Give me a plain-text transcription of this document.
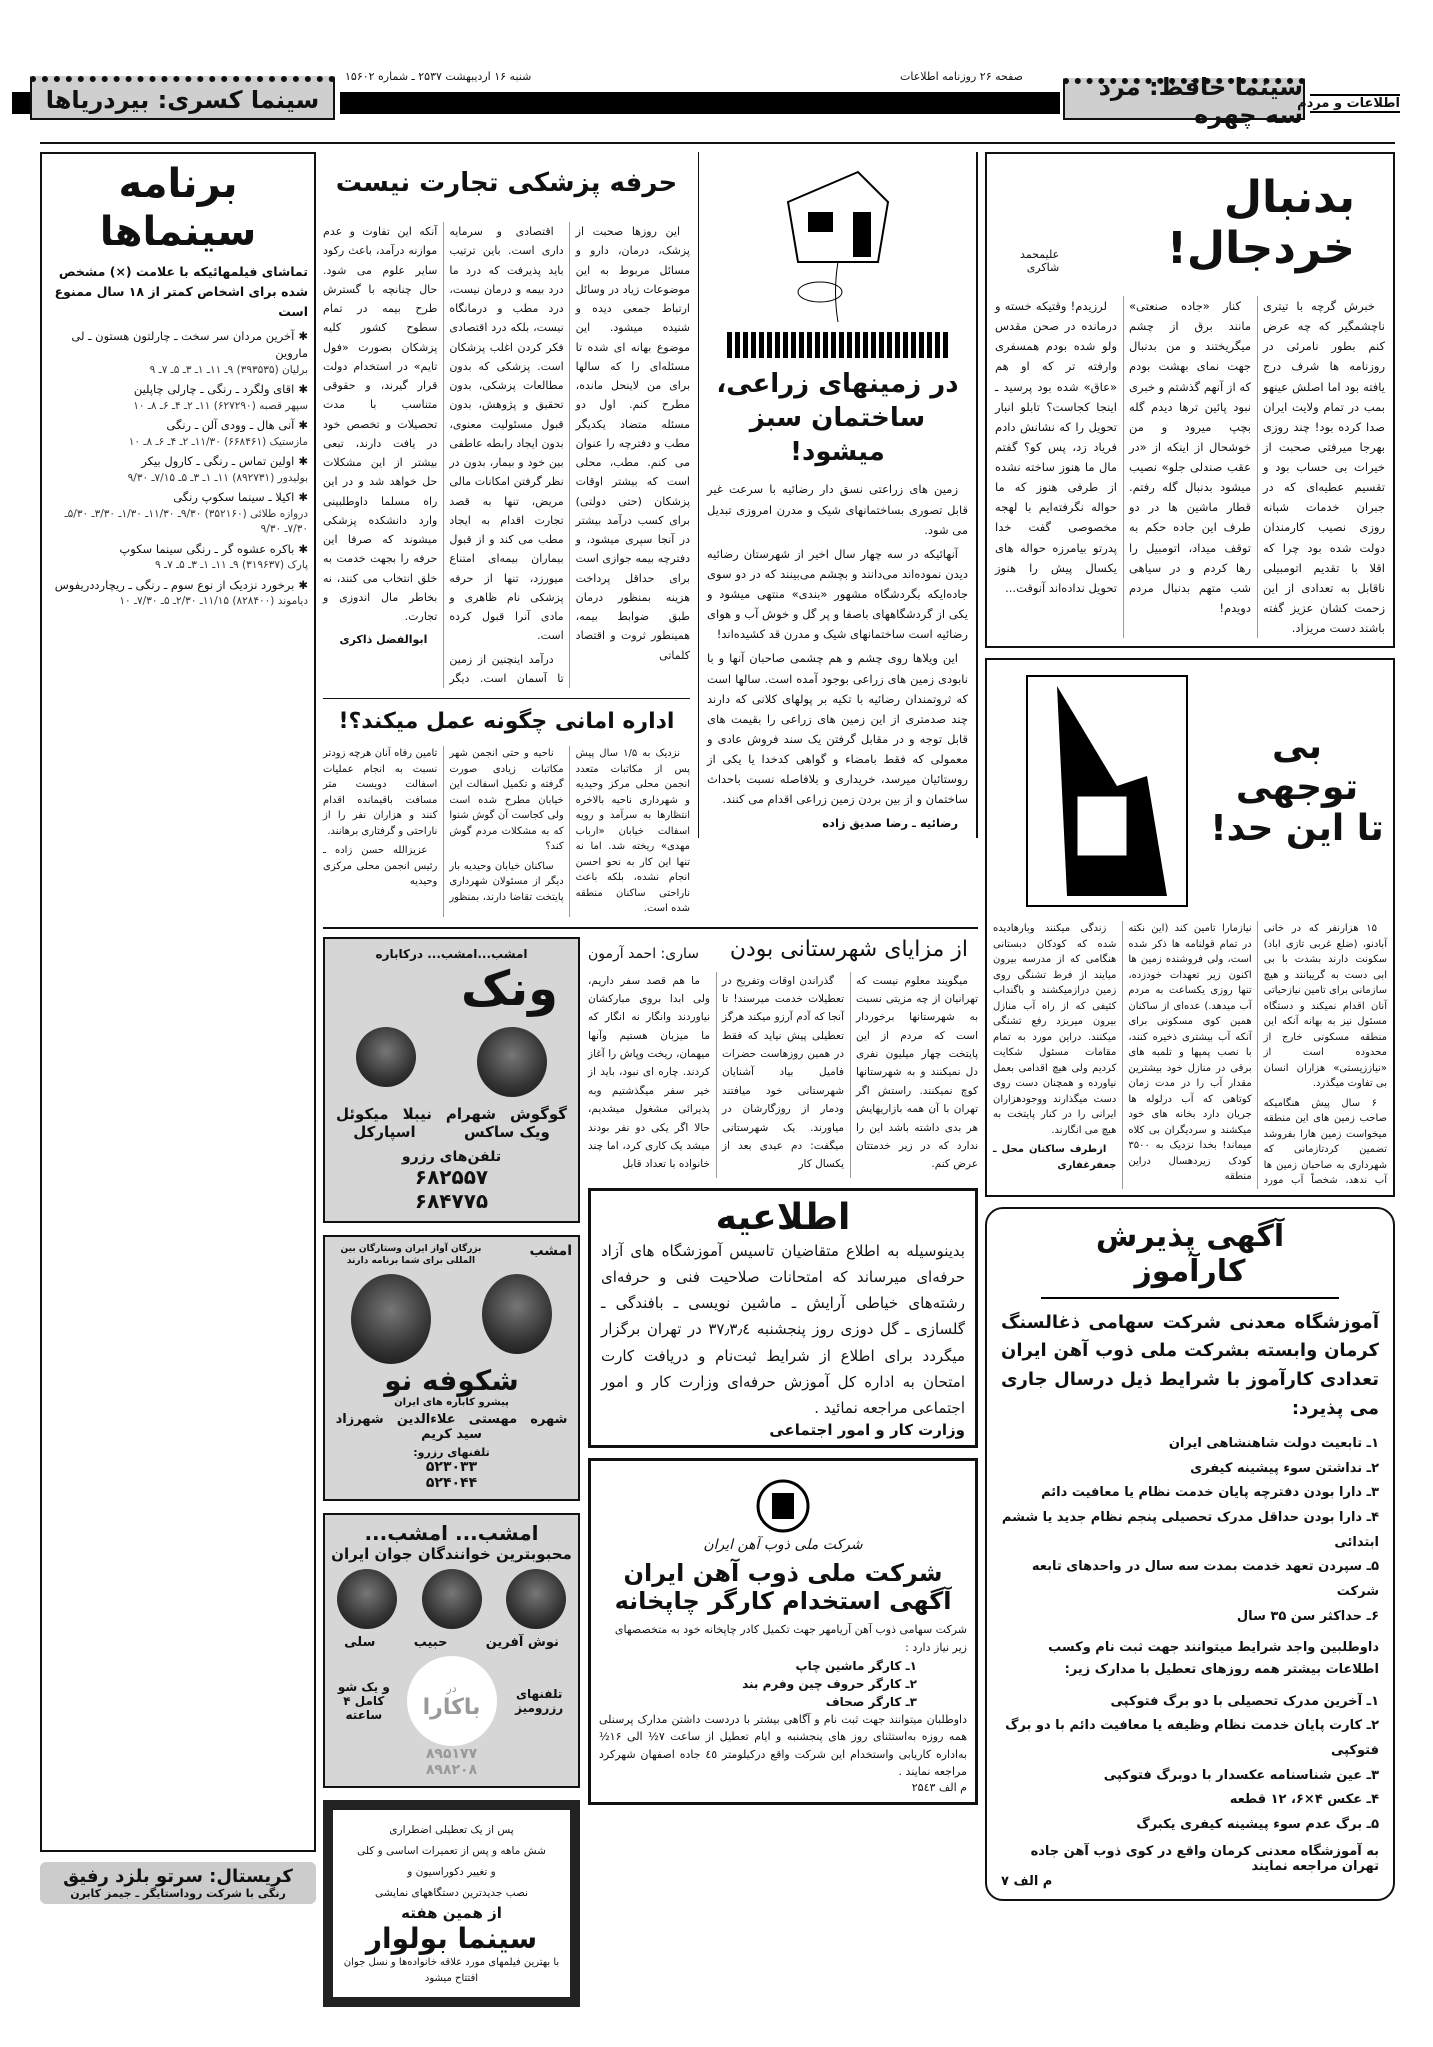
شنبه ۱۶ اردیبهشت ۲۵۳۷ ـ شماره ۱۵۶۰۲	صفحه ۲۶ روزنامه اطلاعات
سینما کسری: بیردریاها	سینما حافظ: مرد سه چهره
اطلاعات و مردم
بدنبال خردجال!
علیمحمد شاکری

خبرش گرچه با تیتری ناچشمگیر که چه عرض کنم بطور نامرئی در روزنامه ها شرف درج یافته بود اما اصلش عینهو بمب در تمام ولایت ایران صدا کرده بود! چند روزی بهرجا میرفتی صحبت از خیرات بی حساب بود و تقسیم عطیه‌ای که در جبران خدمات شبانه روزی نصیب کارمندان دولت شده بود چرا که اقلا با تقدیم اتومبیلی ناقابل به تعدادی از این زحمت کشان عزیز گفته باشند دست مریزاد.

کنار «جاده صنعتی» مانند برق از چشم میگریختند و من بدنبال جهت نمای بهشت بودم که از آنهم گذشتم و خبری نبود پائین ترها دیدم گله بچپ میرود و من خوشحال از اینکه از «در عقب صندلی جلو» نصیب میشود بدنبال گله رفتم. قطار ماشین ها در دو طرف این جاده حکم به توقف میداد، اتومبیل را رها کردم و در سیاهی شب متهم بدنبال مردم دویدم!

لرزیدم! وقتیکه خسته و درمانده در صحن مقدس ولو شده بودم همسفری وارفته تر که او هم «عاق» شده بود پرسید ـ اینجا کجاست؟ تابلو انبار تحویل را که نشانش دادم فریاد زد، پس کو؟ گفتم مال ما هنوز ساخته نشده از طرفی هنوز که ما حواله نگرفته‌ایم با لهجه مخصوصی گفت خدا پدرتو بیامرزه حواله های یکسال پیش را هنوز تحویل نداده‌اند آنوقت...

بی توجهی
تا این حد!

۱۵ هزارنفر که در خانی آبادنو، (ضلع غربی تازی اباد) سکونت دارند بشدت با بی ابی دست به گریبانند و هیچ سازمانی برای تامین نیازحیاتی آنان اقدام نمیکند و دستگاه مسئول نیز به بهانه آنکه این منطقه مسکونی خارج از محدوده است از «نیاززیستی» هزاران انسان بی تفاوت میگذرد.

۶ سال پیش هنگامیکه صاحب زمین های این منطقه میخواست زمین هارا بفروشد تضمین کردتازمانی که شهرداری به صاحبان زمین ها آب ندهد، شخصاً آب مورد نیازمارا تامین کند (این نکته در تمام قولنامه ها ذکر شده است، ولی فروشنده زمین ها اکنون زیر تعهدات خودزده، تنها روزی یکساعت به مردم آب میدهد.) عده‌ای از ساکنان همین کوی مسکونی برای آنکه آب بیشتری ذخیره کنند، با نصب پمپها و تلمبه های برقی در منازل خود بیشترین مقدار آب را در مدت زمان کوتاهی که آب درلوله ها جریان دارد بخانه های خود میکشند و سردیگران بی کلاه میماند! بخدا نزدیک به ۳۵۰۰ کودک زیردهسال دراین منطقه

زندگی میکنند وبارهادیده شده که کودکان دبستانی هنگامی که از مدرسه بیرون میایند از فرط تشنگی روی زمین درازمیکشند و باگنداب کثیفی که از راه آب منازل بیرون میریزد رفع تشنگی میکنند. دراین مورد به تمام مقامات مسئول شکایت کردیم ولی هیچ اقدامی بعمل نیاورده و همچنان دست روی دست میگذارند ووجودهزاران ایرانی را در کنار پایتخت به هیچ می انگارند.

ازطرف ساکنان محل ـ جعفرغفاری

آگهی پذیرش کارآموز
آموزشگاه معدنی شرکت سهامی ذغالسنگ کرمان وابسته بشرکت ملی ذوب آهن ایران تعدادی کارآموز با شرایط ذیل درسال جاری می پذیرد:
۱ـ تابعیت دولت شاهنشاهی ایران
۲ـ نداشتن سوء پیشینه کیفری
۳ـ دارا بودن دفترچه پایان خدمت نظام یا معافیت دائم
۴ـ دارا بودن حداقل مدرک تحصیلی پنجم نظام جدید یا ششم ابتدائی
۵ـ سپردن تعهد خدمت بمدت سه سال در واحدهای تابعه شرکت
۶ـ حداکثر سن ۳۵ سال
داوطلبین واجد شرایط میتوانند جهت ثبت نام وکسب اطلاعات بیشتر همه روزهای تعطیل با مدارک زیر:
۱ـ آخرین مدرک تحصیلی با دو برگ فتوکپی
۲ـ کارت پایان خدمت نظام وظیفه یا معافیت دائم با دو برگ فتوکپی
۳ـ عین شناسنامه عکسدار با دوبرگ فتوکپی
۴ـ عکس ۴×۶، ۱۲ قطعه
۵ـ برگ عدم سوء پیشینه کیفری یکبرگ
به آموزشگاه معدنی کرمان واقع در کوی ذوب آهن جاده تهران مراجعه نمایند
م الف ۷
در زمینهای زراعی، ساختمان سبز میشود!

زمین های زراعتی نسق دار رضائیه با سرعت غیر قابل تصوری بساختمانهای شیک و مدرن امروزی تبدیل می شود.

آنهائیکه در سه چهار سال اخیر از شهرستان رضائیه دیدن نموده‌اند می‌دانند و بچشم می‌بینند که در دو سوی جاده‌ایکه بگردشگاه مشهور «بندی» منتهی میشود و یکی از گردشگاههای باصفا و پر گل و خوش آب و هوای رضائیه است ساختمانهای شیک و مدرن قد کشیده‌اند!

این ویلاها روی چشم و هم چشمی صاحبان آنها و با نابودی زمین های زراعی بوجود آمده است. سالها است که ثروتمندان رضائیه با تکیه بر پولهای کلانی که دارند چند صدمتری از این زمین های زراعی را بقیمت های قابل توجه و در مقابل گرفتن یک سند فروش عادی و معمولی که فقط بامضاء و گواهی کدخدا یا یکی از روستائیان میرسد، خریداری و بلافاصله نسبت باحداث ساختمان و از بین بردن زمین زراعی اقدام می کنند.

رضائیه ـ رضا صدیق زاده

حرفه پزشکی تجارت نیست

این روزها صحبت از پزشک، درمان، دارو و مسائل مربوط به این موضوعات زیاد در وسائل ارتباط جمعی دیده و شنیده میشود. این موضوع بهانه ای شده تا مسئله‌ای را که سالها برای من لاینحل مانده، مطرح کنم. اول دو مسئله متضاد یکدیگر مطب و دفترچه را عنوان می کنم. مطب، محلی است که بیشتر اوقات پزشکان (حتی دولتی) برای کسب درآمد بیشتر در آنجا سپری میشود، و دفترچه بیمه جوازی است برای حداقل پرداخت هزینه بمنظور درمان طبق ضوابط بیمه، همینطور ثروت و اقتصاد کلماتی

اقتصادی و سرمایه داری است. باین ترتیب باید پذیرفت که درد ما درد بیمه و درمان نیست، درد مطب و درمانگاه نیست، بلکه درد اقتصادی فکر کردن اغلب پزشکان است. پزشکی که بدون مطالعات پزشکی، بدون تحقیق و پژوهش، بدون قبول مسئولیت معنوی، بدون ایجاد رابطه عاطفی بین خود و بیمار، بدون در نظر گرفتن امکانات مالی مریض، تنها به قصد تجارت اقدام به ایجاد مطب می کند و از قبول بیماران بیمه‌ای امتناع میورزد، تنها از حرفه پزشکی نام ظاهری و مادی آنرا قبول کرده است.

درآمد اینچنین از زمین تا آسمان است. دیگر آنکه این تفاوت و عدم موازنه درآمد، باعث رکود سایر علوم می شود. حال چنانچه با گسترش طرح بیمه در تمام سطوح کشور کلیه پزشکان بصورت «فول تایم» در استخدام دولت قرار گیرند، و حقوقی متناسب با مدت تحصیلات و تخصص خود در یافت دارند، تبعی بیشتر از این مشکلات حل خواهد شد و در این راه مسلما داوطلبینی وارد دانشکده پزشکی میشوند که صرفا این حرفه را بجهت خدمت به خلق انتخاب می کنند، نه بخاطر مال اندوزی و تجارت.

ابوالفضل ذاکری

اداره امانی چگونه عمل میکند؟!

نزدیک به ۱/۵ سال پیش پس از مکاتبات متعدد انجمن محلی مرکز وحیدیه و شهرداری ناحیه بالاخره انتظارها به سرآمد و رویه اسفالت خیابان «ارباب مهدی» ریخته شد. اما نه تنها این کار به نحو احسن انجام نشده، بلکه باعث ناراحتی ساکنان منطقه شده است.

ناحیه و حتی انجمن شهر مکاتبات زیادی صورت گرفته و تکمیل اسفالت این خیابان مطرح شده است ولی کجاست آن گوش شنوا که به مشکلات مردم گوش کند؟

ساکنان خیابان وحیدیه بار دیگر از مسئولان شهرداری پایتخت تقاضا دارند، بمنظور تامین رفاه آنان هرچه زودتر نسبت به انجام عملیات اسفالت دویست متر مسافت باقیمانده اقدام کنند و هزاران نفر را از ناراحتی و گرفتاری برهانند.

عزیزالله حسن زاده ـ رئیس انجمن محلی مرکزی وحیدیه

از مزایای شهرستانی بودن
ساری: احمد آرمون

میگویند معلوم نیست که تهرانیان از چه مزیتی نسبت به شهرستانها برخوردار است که مردم از این پایتخت چهار میلیون نفری دل نمیکنند و به شهرستانها کوچ نمیکنند. راستش اگر تهران با آن همه بازاریهایش هر بدی داشته باشد این را ندارد که در زیر خدمتتان عرض کنم.

گذراندن اوقات وتفریح در تعطیلات خدمت میرسند! تا آنجا که آدم آرزو میکند هرگز تعطیلی پیش نیاید که فقط در همین روزهاست حضرات فامیل بیاد آشنایان شهرستانی خود میافتند ودمار از روزگارشان در میاورند. یک شهرستانی میگفت: دم عیدی بعد از یکسال کار

ما هم قصد سفر داریم، ولی ابدا بروی مبارکشان نیاوردند وانگار نه انگار که ما میزبان هستیم وآنها میهمان، ریخت وپاش را آغاز کردند. چاره ای نبود، باید از خیر سفر میگذشتیم وبه پذیرائی مشغول میشدیم، حالا اگر یکی دو نفر بودند میشد یک کاری کرد، اما چند خانواده با تعداد قابل

اطلاعیه
بدینوسیله به اطلاع متقاضیان تاسیس آموزشگاه های آزاد حرفه‌ای میرساند که امتحانات صلاحیت فنی و حرفه‌ای رشته‌های خیاطی آرایش ـ ماشین نویسی ـ بافندگی ـ گلسازی ـ گل دوزی روز پنجشنبه ۳۷٫۳٫٤ در تهران برگزار میگردد برای اطلاع از شرایط ثبت‌نام و دریافت کارت امتحان به اداره کل آموزش حرفه‌ای وزارت کار و امور اجتماعی مراجعه نمائید .
وزارت کار و امور اجتماعی
شرکت ملی ذوب آهن ایران
شرکت ملی ذوب آهن ایران
آگهی استخدام کارگر چاپخانه
شرکت سهامی ذوب آهن آریامهر جهت تکمیل کادر چاپخانه خود به متخصصهای زیر نیاز دارد :
۱ـ کارگر ماشین چاپ
۲ـ کارگر حروف چین وفرم بند
۳ـ کارگر صحاف
داوطلبان میتوانند جهت ثبت نام و آگاهی بیشتر با دردست داشتن مدارک پرسنلی همه روزه به‌استثنای روز های پنجشنبه و ایام تعطیل از ساعت ۷½ الی ۱۶½ به‌اداره کاریابی واستخدام این شرکت واقع درکیلومتر ٤٥ جاده اصفهان شهرکرد مراجعه نمایند .
م الف ۲۵٤۳
امشب...امشب... درکاباره
ونک
گوگوش
شهرام
نیبلا
میکوئل
ویک ساکس
اسپارکل
تلفن‌های رزرو
۶۸۲۵۵۷
۶۸۴۷۷۵
امشب
بزرگان آواز ایران وستارگان بین المللی برای شما برنامه دارند
شکوفه نو
پیشرو کاباره های ایران
شهره
مهستی
علاءالدین
شهرزاد
سید کریم
تلفنهای رزرو:
۵۲۳۰۳۳
۵۲۴۰۴۴
امشب... امشب...
محبوبترین خوانندگان جوان ایران
نوش آفرین
حبیب
سلی
تلفنهای رزرومیز
در
باکارا
و یک شو کامل ۴ ساعته
۸۹۵۱۷۷
۸۹۸۲۰۸
پس از یک تعطیلی اضطراری
شش ماهه و پس از تعمیرات اساسی و کلی
و تغییر دکوراسیون و
نصب جدیدترین دستگاههای نمایشی
از همین هفته
سینما بولوار
با بهترین فیلمهای مورد علاقه خانواده‌ها و نسل جوان افتتاح میشود
برنامه سینماها
تماشای فیلمهائیکه با علامت (×) مشخص شده برای اشخاص کمتر از ۱۸ سال ممنوع است
✱ آخرین مردان سر سخت ـ چارلتون هستون ـ لی ماروین
برلیان (۳۹۳۵۳۵) ۹ـ ۱۱ـ ۱ـ ۳ـ ۵ـ ۷ـ ۹
✱ اقای ولگرد ـ رنگی ـ چارلی چاپلین
سپهر قصبه (۶۲۷۲۹۰) ۱۱ـ ۲ـ ۴ـ ۶ـ ۸ـ ۱۰
✱ آنی هال ـ وودی آلن ـ رنگی
مازستیک (۶۶۸۴۶۱) ۱۱/۳۰ـ ۲ـ ۴ـ ۶ـ ۸ـ ۱۰
✱ اولین تماس ـ رنگی ـ کارول بیکر
بولیدور (۸۹۲۷۳۱) ۱۱ـ ۱ـ ۳ـ ۵ـ ۷/۱۵ـ ۹/۳۰
✱ اکیلا ـ سینما سکوپ رنگی
دروازه طلائی (۳۵۲۱۶۰) ۹/۳۰ـ ۱۱/۳۰ـ ۱/۳۰ـ ۳/۳۰ـ ۵/۳۰ـ ۷/۳۰ـ ۹/۳۰
✱ باکره عشوه گر ـ رنگی سینما سکوپ
پارک (۳۱۹۶۳۷) ۹ـ ۱۱ـ ۱ـ ۳ـ ۵ـ ۷ـ ۹
✱ برخورد نزدیک از نوع سوم ـ رنگی ـ ریچارددریفوس
دیاموند (۸۲۸۴۰۰) ۱۱/۱۵ـ ۲/۳۰ـ ۵ـ ۷/۳۰ـ ۱۰
کریستال: سرتو بلزد رفیق
رنگی با شرکت روداستایگر ـ جیمز کابرن
